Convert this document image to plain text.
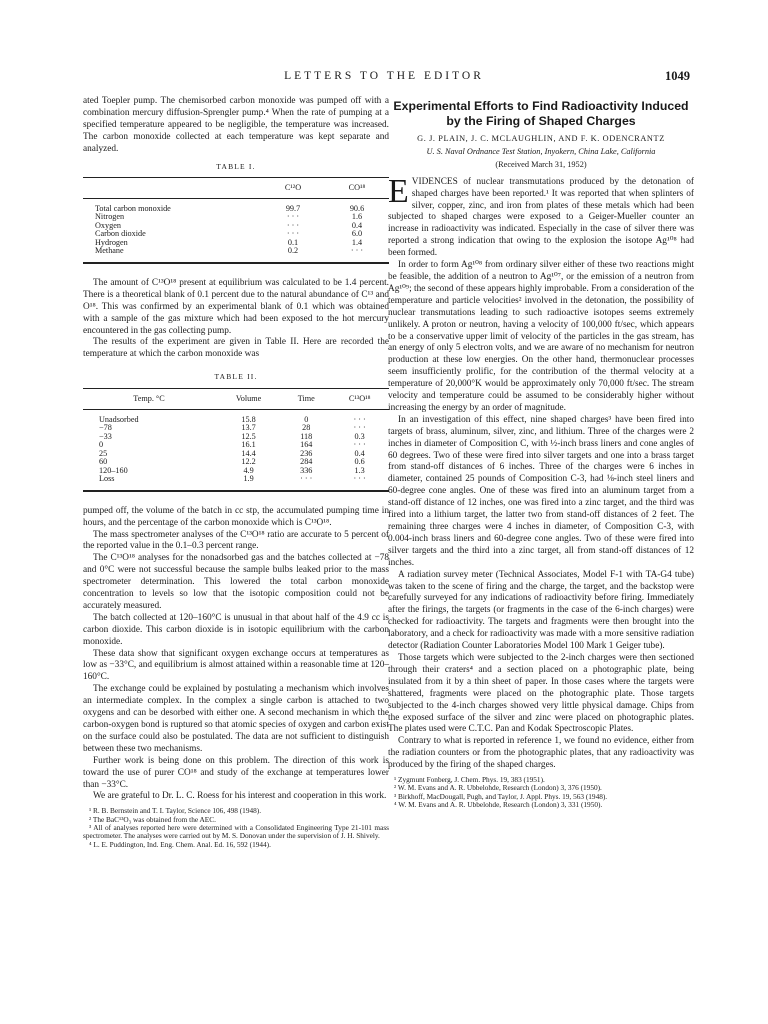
LETTERS TO THE EDITOR	1049

ated Toepler pump. The chemisorbed carbon monoxide was pumped off with a combination mercury diffusion-Sprengler pump.⁴ When the rate of pumping at a specified temperature appeared to be negligible, the temperature was increased. The carbon monoxide collected at each temperature was kept separate and analyzed.

TABLE I.
	C¹²O	CO¹⁸
Total carbon monoxide	99.7	90.6
Nitrogen	· · ·	1.6
Oxygen	· · ·	0.4
Carbon dioxide	· · ·	6.0
Hydrogen	0.1	1.4
Methane	0.2	· · ·

The amount of C¹³O¹⁸ present at equilibrium was calculated to be 1.4 percent. There is a theoretical blank of 0.1 percent due to the natural abundance of C¹³ and O¹⁸. This was confirmed by an experimental blank of 0.1 which was obtained with a sample of the gas mixture which had been exposed to the hot mercury encountered in the gas collecting pump.

The results of the experiment are given in Table II. Here are recorded the temperature at which the carbon monoxide was

TABLE II.
Temp. °C	Volume	Time	C¹³O¹⁸
Unadsorbed	15.8	0	· · ·
−78	13.7	28	· · ·
−33	12.5	118	0.3
0	16.1	164	· · ·
25	14.4	236	0.4
60	12.2	284	0.6
120–160	4.9	336	1.3
Loss	1.9	· · ·	· · ·

pumped off, the volume of the batch in cc stp, the accumulated pumping time in hours, and the percentage of the carbon monoxide which is C¹³O¹⁸.

The mass spectrometer analyses of the C¹³O¹⁸ ratio are accurate to 5 percent of the reported value in the 0.1–0.3 percent range.

The C¹³O¹⁸ analyses for the nonadsorbed gas and the batches collected at −78 and 0°C were not successful because the sample bulbs leaked prior to the mass spectrometer determination. This lowered the total carbon monoxide concentration to levels so low that the isotopic composition could not be accurately measured.

The batch collected at 120–160°C is unusual in that about half of the 4.9 cc is carbon dioxide. This carbon dioxide is in isotopic equilibrium with the carbon monoxide.

These data show that significant oxygen exchange occurs at temperatures as low as −33°C, and equilibrium is almost attained within a reasonable time at 120–160°C.

The exchange could be explained by postulating a mechanism which involves an intermediate complex. In the complex a single carbon is attached to two oxygens and can be desorbed with either one. A second mechanism in which the carbon-oxygen bond is ruptured so that atomic species of oxygen and carbon exist on the surface could also be postulated. The data are not sufficient to distinguish between these two mechanisms.

Further work is being done on this problem. The direction of this work is toward the use of purer CO¹⁸ and study of the exchange at temperatures lower than −33°C.

We are grateful to Dr. L. C. Roess for his interest and cooperation in this work.

¹ R. B. Bernstein and T. I. Taylor, Science 106, 498 (1948).
² The BaC¹³O₃ was obtained from the AEC.
³ All of analyses reported here were determined with a Consolidated Engineering Type 21-101 mass spectrometer. The analyses were carried out by M. S. Donovan under the supervision of J. H. Shively.
⁴ L. E. Puddington, Ind. Eng. Chem. Anal. Ed. 16, 592 (1944).
Experimental Efforts to Find Radioactivity Induced by the Firing of Shaped Charges
G. J. PLAIN, J. C. MCLAUGHLIN, AND F. K. ODENCRANTZ
U. S. Naval Ordnance Test Station, Inyokern, China Lake, California
(Received March 31, 1952)
E VIDENCES of nuclear transmutations produced by the detonation of shaped charges have been reported.¹ It was reported that when splinters of silver, copper, zinc, and iron from plates of these metals which had been subjected to shaped charges were exposed to a Geiger-Mueller counter an increase in radioactivity was indicated. Especially in the case of silver there was reported a strong indication that owing to the explosion the isotope Ag¹⁰⁸ had been formed.

In order to form Ag¹⁰⁸ from ordinary silver either of these two reactions might be feasible, the addition of a neutron to Ag¹⁰⁷, or the emission of a neutron from Ag¹⁰⁹; the second of these appears highly improbable. From a consideration of the temperature and particle velocities² involved in the detonation, the possibility of nuclear transmutations leading to such radioactive isotopes seems extremely unlikely. A proton or neutron, having a velocity of 100,000 ft/sec, which appears to be a conservative upper limit of velocity of the particles in the gas stream, has an energy of only 5 electron volts, and we are aware of no mechanism for neutron production at these low energies. On the other hand, thermonuclear processes seem insufficiently prolific, for the contribution of the thermal velocity at a temperature of 20,000°K would be approximately only 70,000 ft/sec. The stream velocity and temperature could be assumed to be considerably higher without increasing the energy by an order of magnitude.

In an investigation of this effect, nine shaped charges³ have been fired into targets of brass, aluminum, silver, zinc, and lithium. Three of the charges were 2 inches in diameter of Composition C, with ½-inch brass liners and cone angles of 60 degrees. Two of these were fired into silver targets and one into a brass target from stand-off distances of 6 inches. Three of the charges were 6 inches in diameter, contained 25 pounds of Composition C-3, had ⅛-inch steel liners and 60-degree cone angles. One of these was fired into an aluminum target from a stand-off distance of 12 inches, one was fired into a zinc target, and the third was fired into a lithium target, the latter two from stand-off distances of 2 feet. The remaining three charges were 4 inches in diameter, of Composition C-3, with 0.004-inch brass liners and 60-degree cone angles. Two of these were fired into silver targets and the third into a zinc target, all from stand-off distances of 12 inches.

A radiation survey meter (Technical Associates, Model F-1 with TA-G4 tube) was taken to the scene of firing and the charge, the target, and the backstop were carefully surveyed for any indications of radioactivity before firing. Immediately after the firings, the targets (or fragments in the case of the 6-inch charges) were checked for radioactivity. The targets and fragments were then brought into the laboratory, and a check for radioactivity was made with a more sensitive radiation detector (Radiation Counter Laboratories Model 100 Mark 1 Geiger tube).

Those targets which were subjected to the 2-inch charges were then sectioned through their craters⁴ and a section placed on a photographic plate, being insulated from it by a thin sheet of paper. In those cases where the targets were shattered, fragments were placed on the photographic plate. Those targets subjected to the 4-inch charges showed very little physical damage. Chips from the exposed surface of the silver and zinc were placed on photographic plates. The plates used were C.T.C. Pan and Kodak Spectroscopic Plates.

Contrary to what is reported in reference 1, we found no evidence, either from the radiation counters or from the photographic plates, that any radioactivity was produced by the firing of the shaped charges.

¹ Zygmunt Fonberg, J. Chem. Phys. 19, 383 (1951).
² W. M. Evans and A. R. Ubbelohde, Research (London) 3, 376 (1950).
³ Birkhoff, MacDougall, Pugh, and Taylor, J. Appl. Phys. 19, 563 (1948).
⁴ W. M. Evans and A. R. Ubbelohde, Research (London) 3, 331 (1950).
